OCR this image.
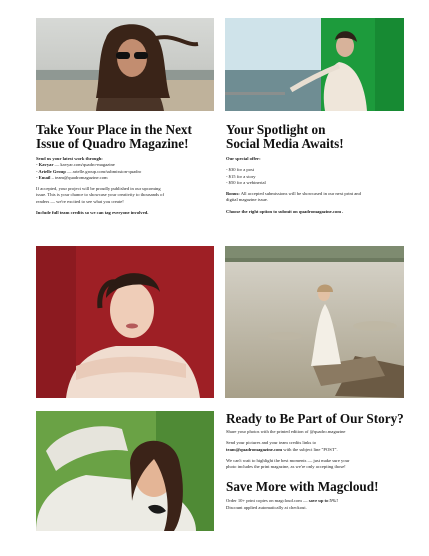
Take Your Place in the Next
Issue of Quadro Magazine!

Send us your latest work through:

- Kavyar — kavyar.com/quadro-magazine

- Arielle Group — arielle.group.com/submission-quadro

- Email – team@quadromagazine.com

If accepted, your project will be proudly published in our upcoming
issue. This is your chance to showcase your creativity to thousands of
readers — we're excited to see what you create!

Include full team credits so we can tag everyone involved.

Your Spotlight on
Social Media Awaits!

Our special offer:

- $30 for a post

- $15 for a story

- $50 for a webinerial

Bonus: All accepted submissions will be showcased in our next print and
digital magazine issue.

Choose the right option to submit on quadromagazine.com .

Ready to Be Part of Our Story?

Share your photos with the printed edition of @quadro.magazine

Send your pictures and your team credits links to
team@quadromagazine.com with the subject line "POST".

We can't wait to highlight the best moments — just make sure your
photo includes the print magazine, as we're only accepting those!

Save More with Magcloud!

Order 10+ print copies on magcloud.com — save up to 5%!
Discount applied automatically at checkout.
